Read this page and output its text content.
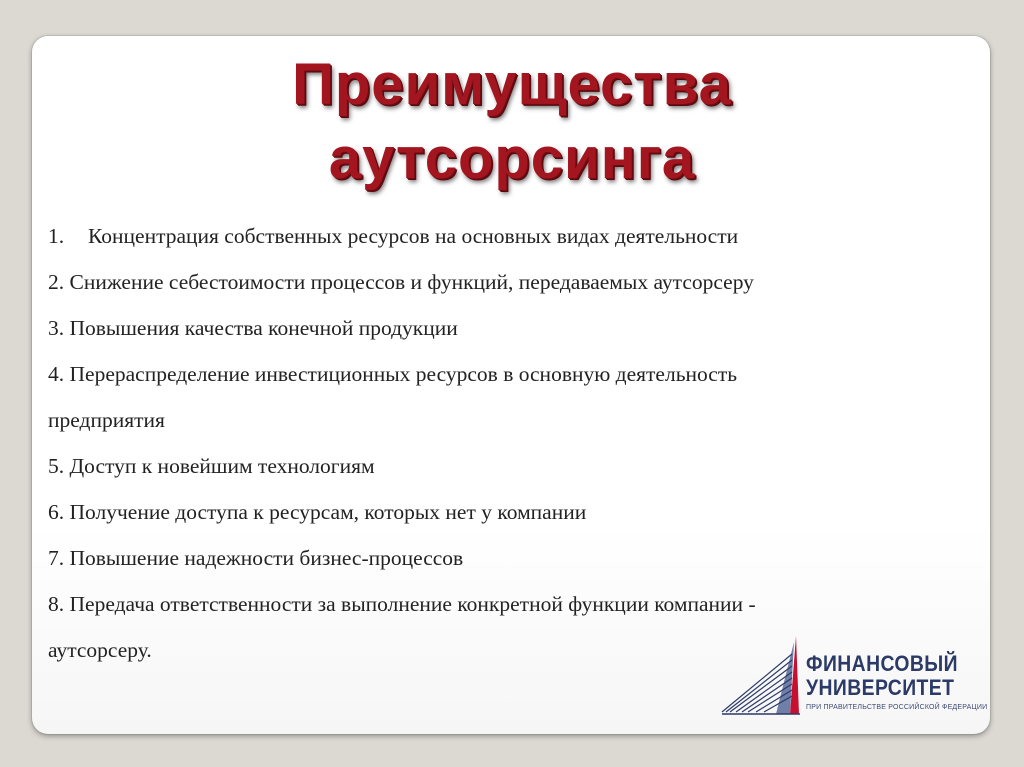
Преимущества
аутсорсинга
1. Концентрация собственных ресурсов на основных видах деятельности
2. Снижение себестоимости процессов и функций, передаваемых аутсорсеру
3. Повышения качества конечной продукции
4. Перераспределение инвестиционных ресурсов в основную деятельность
предприятия
5. Доступ к новейшим технологиям
6. Получение доступа к ресурсам, которых нет у компании
7. Повышение надежности бизнес-процессов
8. Передача ответственности за выполнение конкретной функции компании -
аутсорсеру.
ФИНАНСОВЫЙ
УНИВЕРСИТЕТ
ПРИ ПРАВИТЕЛЬСТВЕ РОССИЙСКОЙ ФЕДЕРАЦИИ
